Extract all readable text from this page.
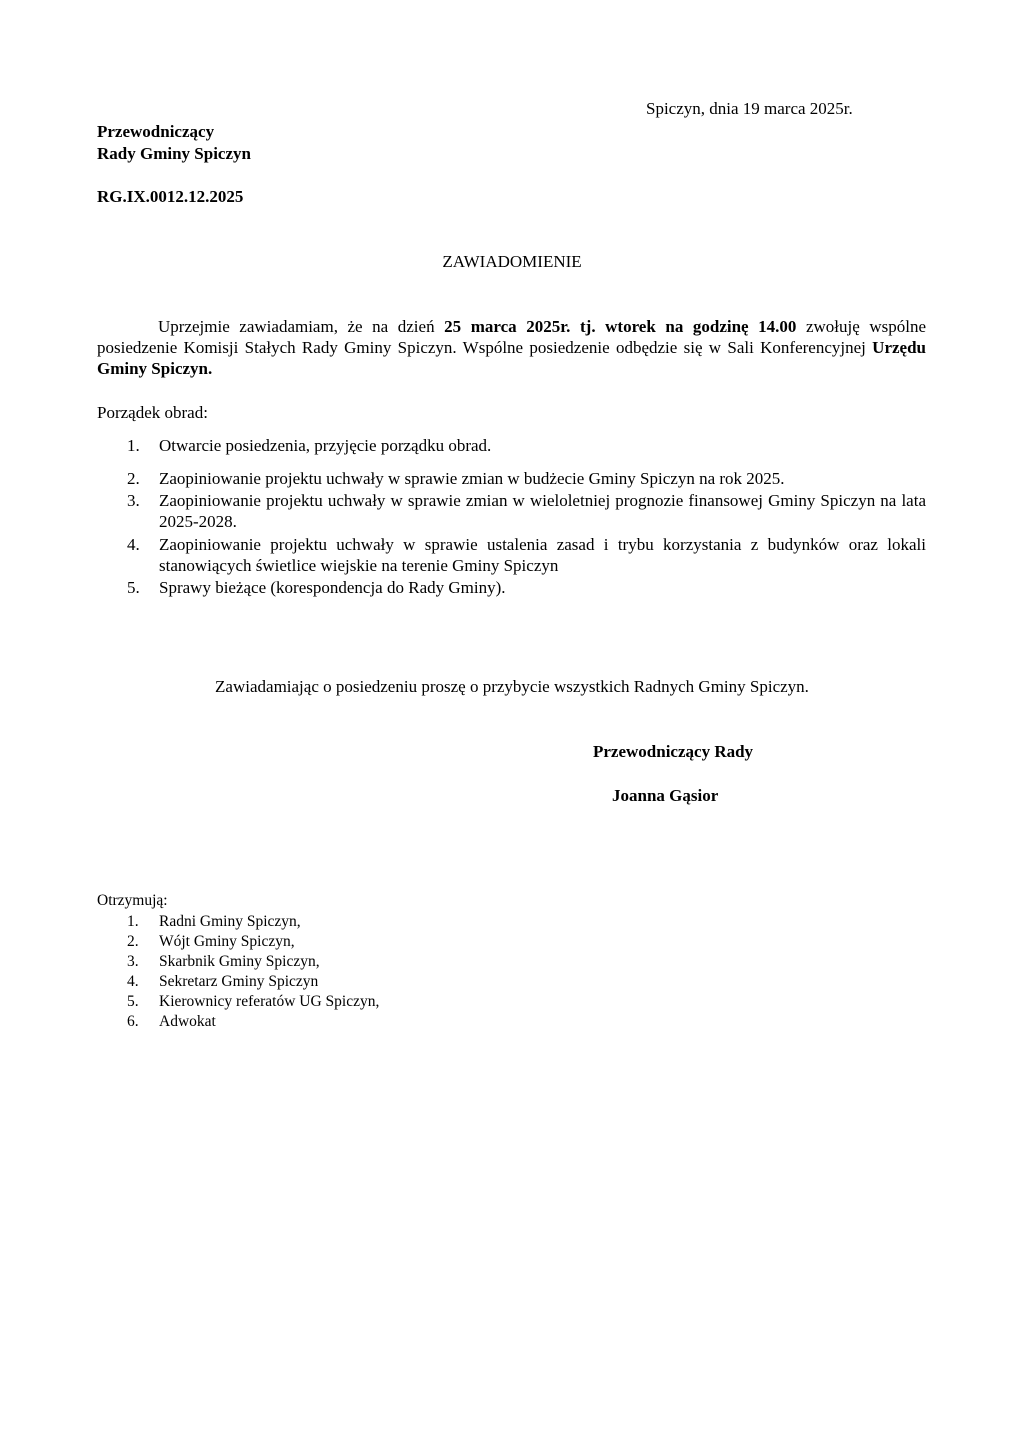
Spiczyn, dnia 19 marca 2025r.
Przewodniczący
Rady Gminy Spiczyn
RG.IX.0012.12.2025
ZAWIADOMIENIE
Uprzejmie zawiadamiam, że na dzień 25 marca 2025r. tj. wtorek na godzinę 14.00 zwołuję wspólne posiedzenie Komisji Stałych Rady Gminy Spiczyn. Wspólne posiedzenie odbędzie się w Sali Konferencyjnej Urzędu Gminy Spiczyn.
Porządek obrad:
1.	Otwarcie posiedzenia, przyjęcie porządku obrad.
2.	Zaopiniowanie projektu uchwały w sprawie zmian w budżecie Gminy Spiczyn na rok 2025.
3.	Zaopiniowanie projektu uchwały w sprawie zmian w wieloletniej prognozie finansowej Gminy Spiczyn na lata 2025-2028.
4.	Zaopiniowanie projektu uchwały w sprawie ustalenia zasad i trybu korzystania z budynków oraz lokali stanowiących świetlice wiejskie na terenie Gminy Spiczyn
5.	Sprawy bieżące (korespondencja do Rady Gminy).
Zawiadamiając o posiedzeniu proszę o przybycie wszystkich Radnych Gminy Spiczyn.
Przewodniczący Rady
Joanna Gąsior
Otrzymują:
1. Radni Gminy Spiczyn,
2. Wójt Gminy Spiczyn,
3. Skarbnik Gminy Spiczyn,
4. Sekretarz Gminy Spiczyn
5. Kierownicy referatów UG Spiczyn,
6. Adwokat
